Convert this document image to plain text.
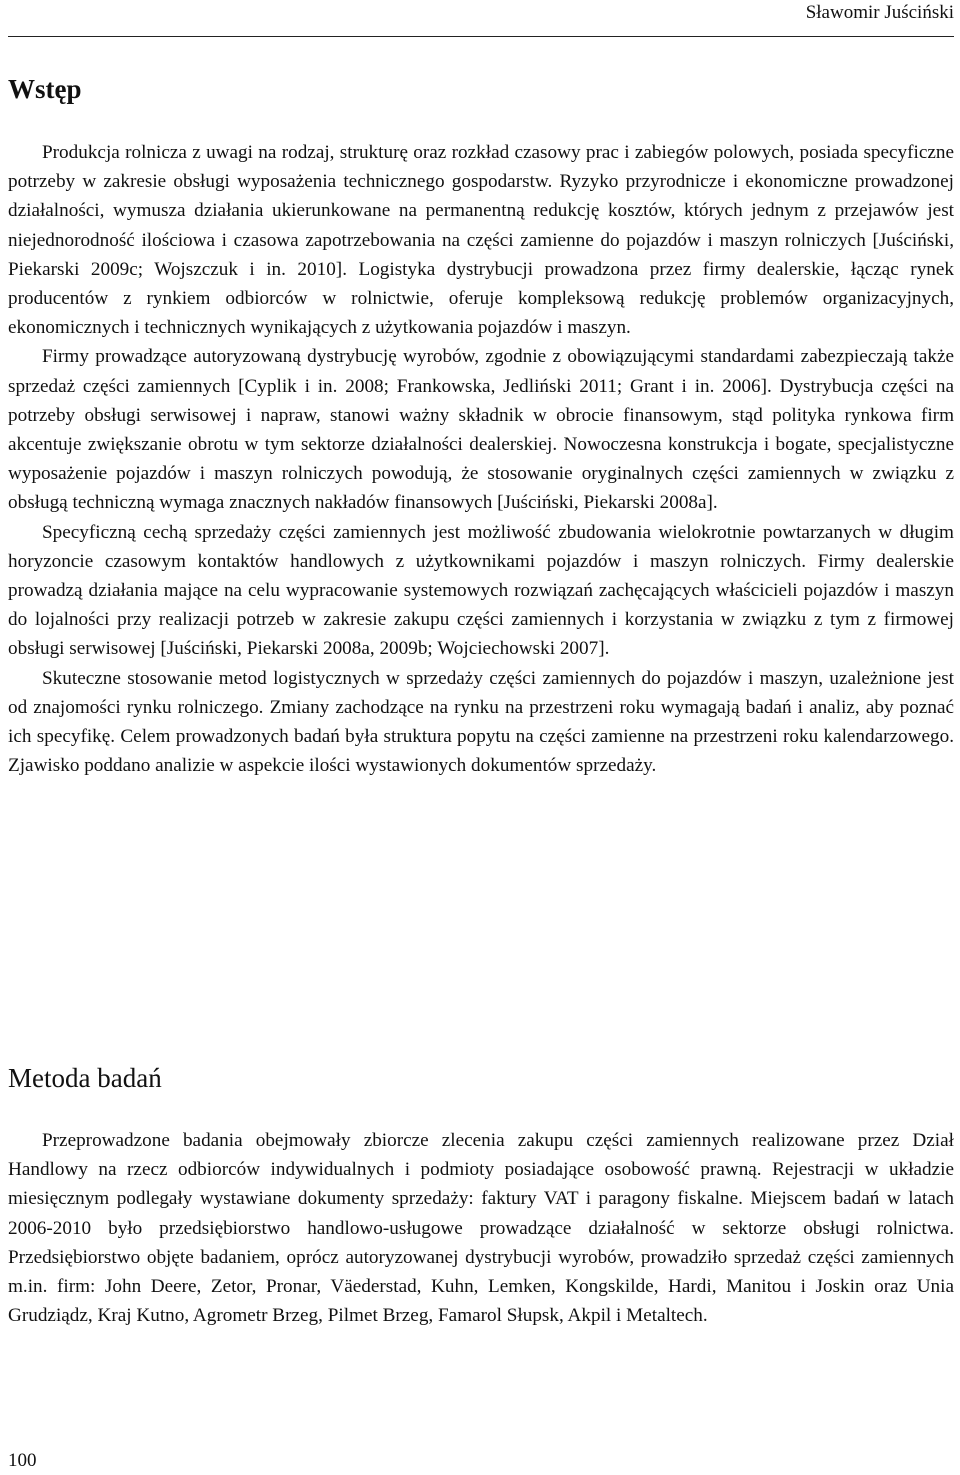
Sławomir Juściński
Wstęp

Produkcja rolnicza z uwagi na rodzaj, strukturę oraz rozkład czasowy prac i zabiegów polowych, posiada specyficzne potrzeby w zakresie obsługi wyposażenia technicznego gospodarstw. Ryzyko przyrodnicze i ekonomiczne prowadzonej działalności, wymusza działania ukierunkowane na permanentną redukcję kosztów, których jednym z przejawów jest niejednorodność ilościowa i czasowa zapotrzebowania na części zamienne do pojazdów i maszyn rolniczych [Juściński, Piekarski 2009c; Wojszczuk i in. 2010]. Logistyka dystrybucji prowadzona przez firmy dealerskie, łącząc rynek producentów z rynkiem odbiorców w rolnictwie, oferuje kompleksową redukcję problemów organizacyjnych, ekonomicznych i technicznych wynikających z użytkowania pojazdów i maszyn.

Firmy prowadzące autoryzowaną dystrybucję wyrobów, zgodnie z obowiązującymi standardami zabezpieczają także sprzedaż części zamiennych [Cyplik i in. 2008; Frankowska, Jedliński 2011; Grant i in. 2006]. Dystrybucja części na potrzeby obsługi serwisowej i napraw, stanowi ważny składnik w obrocie finansowym, stąd polityka rynkowa firm akcentuje zwiększanie obrotu w tym sektorze działalności dealerskiej. Nowoczesna konstrukcja i bogate, specjalistyczne wyposażenie pojazdów i maszyn rolniczych powodują, że stosowanie oryginalnych części zamiennych w związku z obsługą techniczną wymaga znacznych nakładów finansowych [Juściński, Piekarski 2008a].

Specyficzną cechą sprzedaży części zamiennych jest możliwość zbudowania wielokrotnie powtarzanych w długim horyzoncie czasowym kontaktów handlowych z użytkownikami pojazdów i maszyn rolniczych. Firmy dealerskie prowadzą działania mające na celu wypracowanie systemowych rozwiązań zachęcających właścicieli pojazdów i maszyn do lojalności przy realizacji potrzeb w zakresie zakupu części zamiennych i korzystania w związku z tym z firmowej obsługi serwisowej [Juściński, Piekarski 2008a, 2009b; Wojciechowski 2007].

Skuteczne stosowanie metod logistycznych w sprzedaży części zamiennych do pojazdów i maszyn, uzależnione jest od znajomości rynku rolniczego. Zmiany zachodzące na rynku na przestrzeni roku wymagają badań i analiz, aby poznać ich specyfikę. Celem prowadzonych badań była struktura popytu na części zamienne na przestrzeni roku kalendarzowego. Zjawisko poddano analizie w aspekcie ilości wystawionych dokumentów sprzedaży.

Metoda badań

Przeprowadzone badania obejmowały zbiorcze zlecenia zakupu części zamiennych realizowane przez Dział Handlowy na rzecz odbiorców indywidualnych i podmioty posiadające osobowość prawną. Rejestracji w układzie miesięcznym podlegały wystawiane dokumenty sprzedaży: faktury VAT i paragony fiskalne. Miejscem badań w latach 2006-2010 było przedsiębiorstwo handlowo-usługowe prowadzące działalność w sektorze obsługi rolnictwa. Przedsiębiorstwo objęte badaniem, oprócz autoryzowanej dystrybucji wyrobów, prowadziło sprzedaż części zamiennych m.in. firm: John Deere, Zetor, Pronar, Väederstad, Kuhn, Lemken, Kongskilde, Hardi, Manitou i Joskin oraz Unia Grudziądz, Kraj Kutno, Agrometr Brzeg, Pilmet Brzeg, Famarol Słupsk, Akpil i Metaltech.

100
